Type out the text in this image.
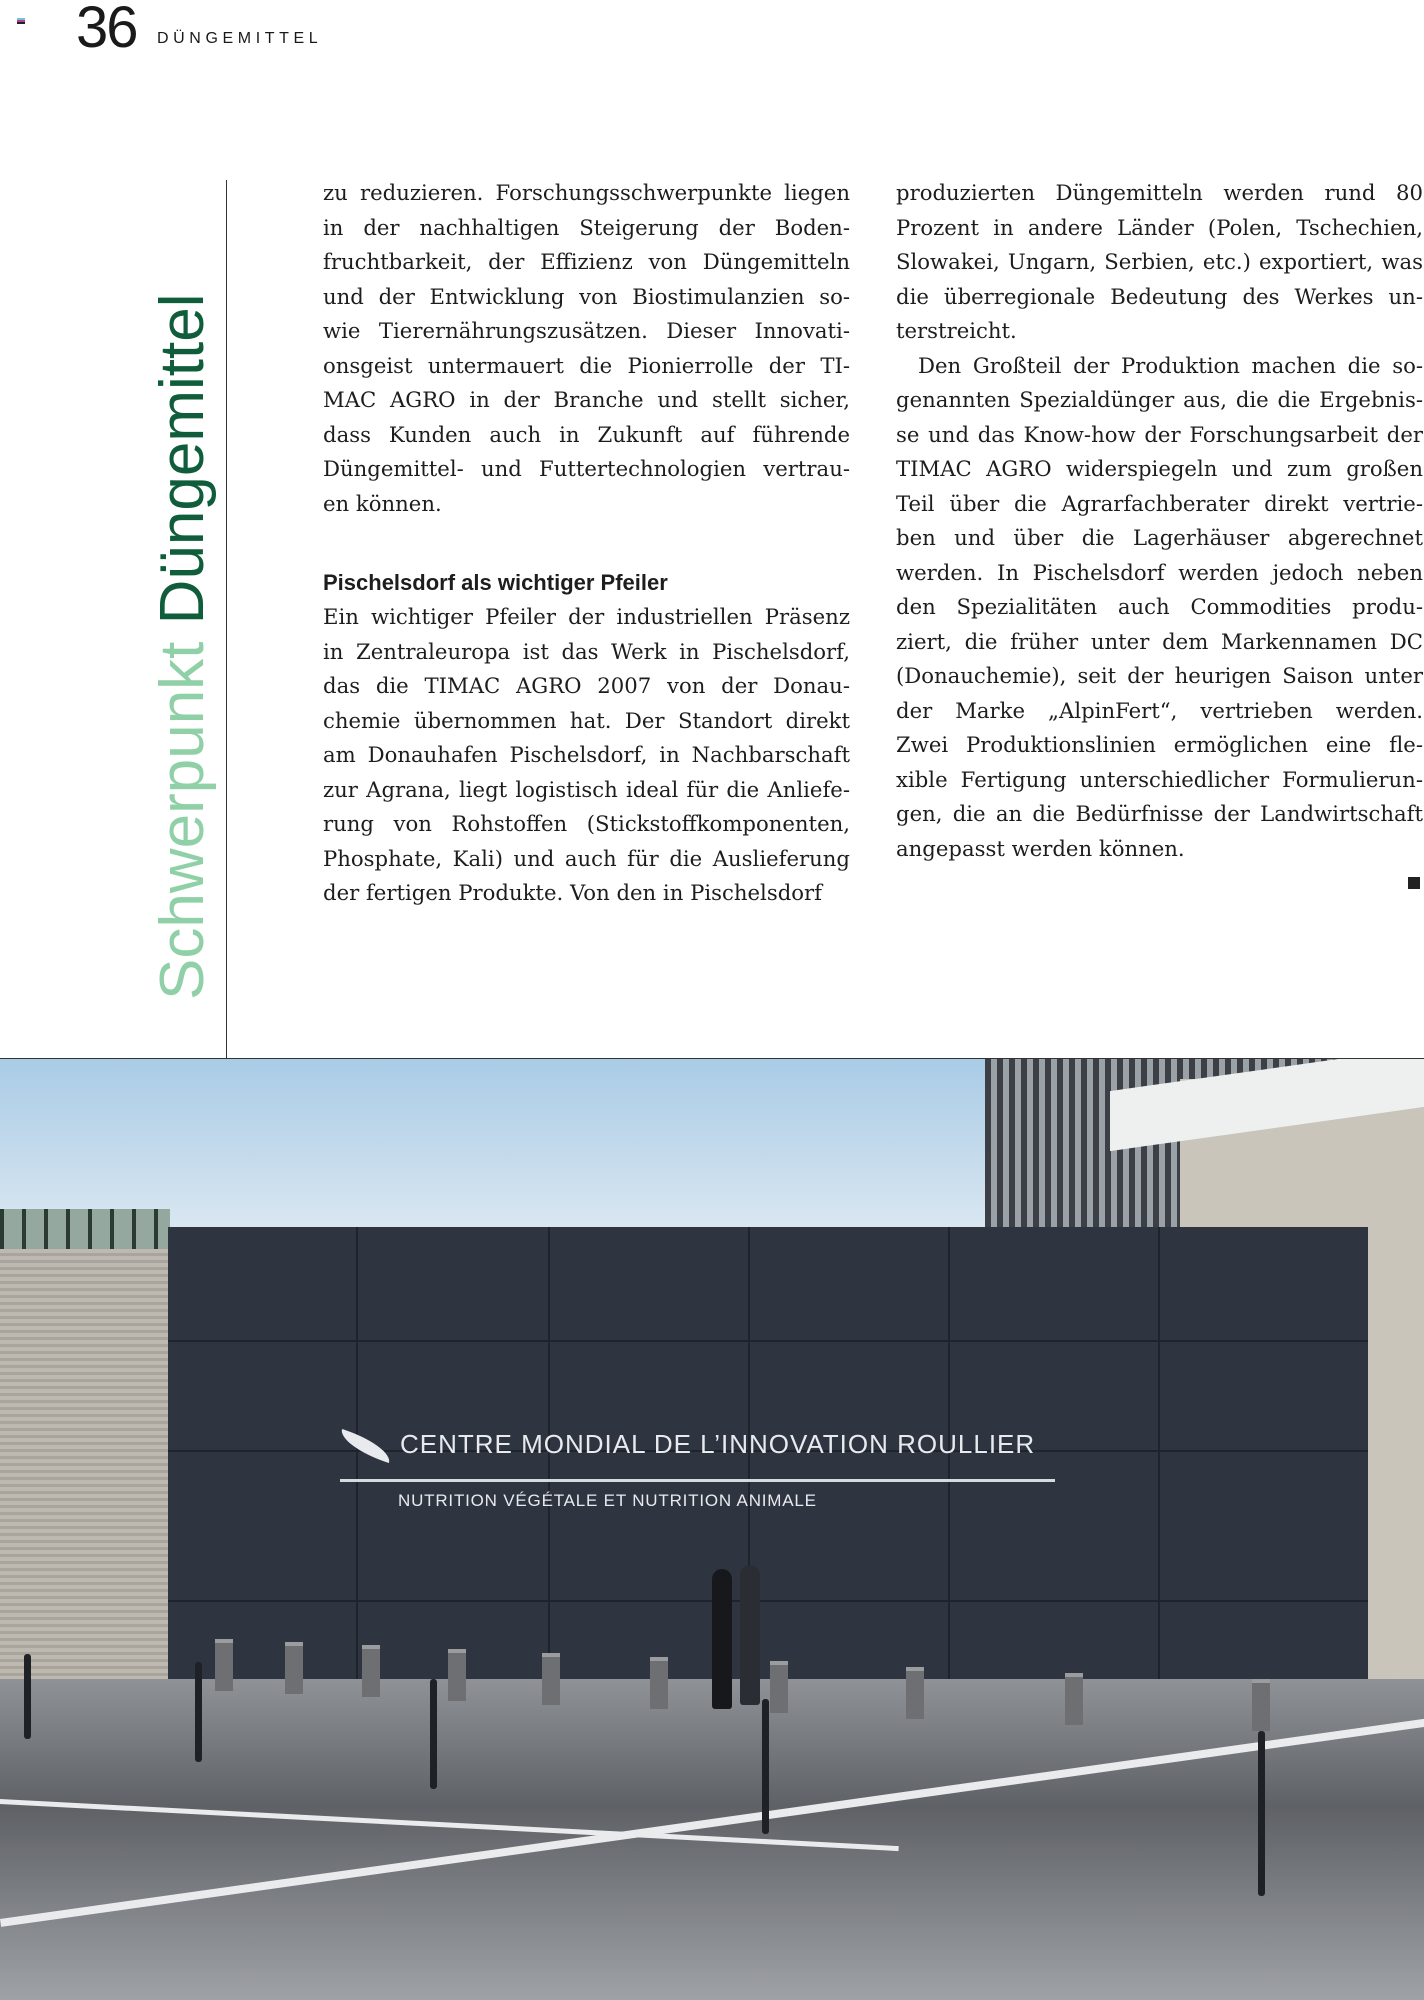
36 DÜNGEMITTEL
Schwerpunkt Düngemittel
zu reduzieren. Forschungsschwerpunkte liegen
in der nachhaltigen Steigerung der Boden-
fruchtbarkeit, der Effizienz von Düngemitteln
und der Entwicklung von Biostimulanzien so-
wie Tierernährungszusätzen. Dieser Innovati-
onsgeist untermauert die Pionierrolle der TI-
MAC AGRO in der Branche und stellt sicher,
dass Kunden auch in Zukunft auf führende
Düngemittel- und Futtertechnologien vertrau-
en können.
Pischelsdorf als wichtiger Pfeiler
Ein wichtiger Pfeiler der industriellen Präsenz
in Zentraleuropa ist das Werk in Pischelsdorf,
das die TIMAC AGRO 2007 von der Donau-
chemie übernommen hat. Der Standort direkt
am Donauhafen Pischelsdorf, in Nachbarschaft
zur Agrana, liegt logistisch ideal für die Anliefe-
rung von Rohstoffen (Stickstoffkomponenten,
Phosphate, Kali) und auch für die Auslieferung
der fertigen Produkte. Von den in Pischelsdorf
produzierten Düngemitteln werden rund 80
Prozent in andere Länder (Polen, Tschechien,
Slowakei, Ungarn, Serbien, etc.) exportiert, was
die überregionale Bedeutung des Werkes un-
terstreicht.
Den Großteil der Produktion machen die so-
genannten Spezialdünger aus, die die Ergebnis-
se und das Know-how der Forschungsarbeit der
TIMAC AGRO widerspiegeln und zum großen
Teil über die Agrarfachberater direkt vertrie-
ben und über die Lagerhäuser abgerechnet
werden. In Pischelsdorf werden jedoch neben
den Spezialitäten auch Commodities produ-
ziert, die früher unter dem Markennamen DC
(Donauchemie), seit der heurigen Saison unter
der Marke „AlpinFert“, vertrieben werden.
Zwei Produktionslinien ermöglichen eine fle-
xible Fertigung unterschiedlicher Formulierun-
gen, die an die Bedürfnisse der Landwirtschaft
angepasst werden können.
CENTRE MONDIAL DE L’INNOVATION ROULLIER
NUTRITION VÉGÉTALE ET NUTRITION ANIMALE
